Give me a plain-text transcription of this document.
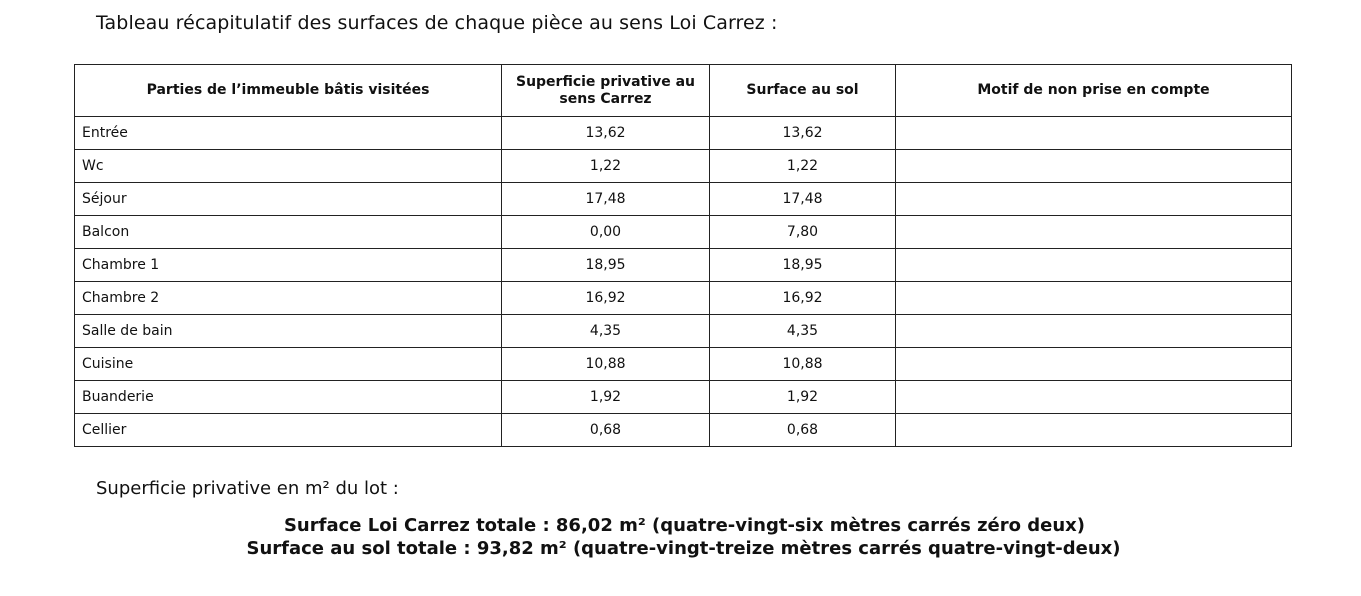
Tableau récapitulatif des surfaces de chaque pièce au sens Loi Carrez :
Parties de l’immeuble bâtis visitées	Superficie privative au sens Carrez	Surface au sol	Motif de non prise en compte
Entrée	13,62	13,62	
Wc	1,22	1,22	
Séjour	17,48	17,48	
Balcon	0,00	7,80	
Chambre 1	18,95	18,95	
Chambre 2	16,92	16,92	
Salle de bain	4,35	4,35	
Cuisine	10,88	10,88	
Buanderie	1,92	1,92	
Cellier	0,68	0,68	
Superficie privative en m² du lot :
Surface Loi Carrez totale : 86,02 m² (quatre-vingt-six mètres carrés zéro deux)
Surface au sol totale : 93,82 m² (quatre-vingt-treize mètres carrés quatre-vingt-deux)
